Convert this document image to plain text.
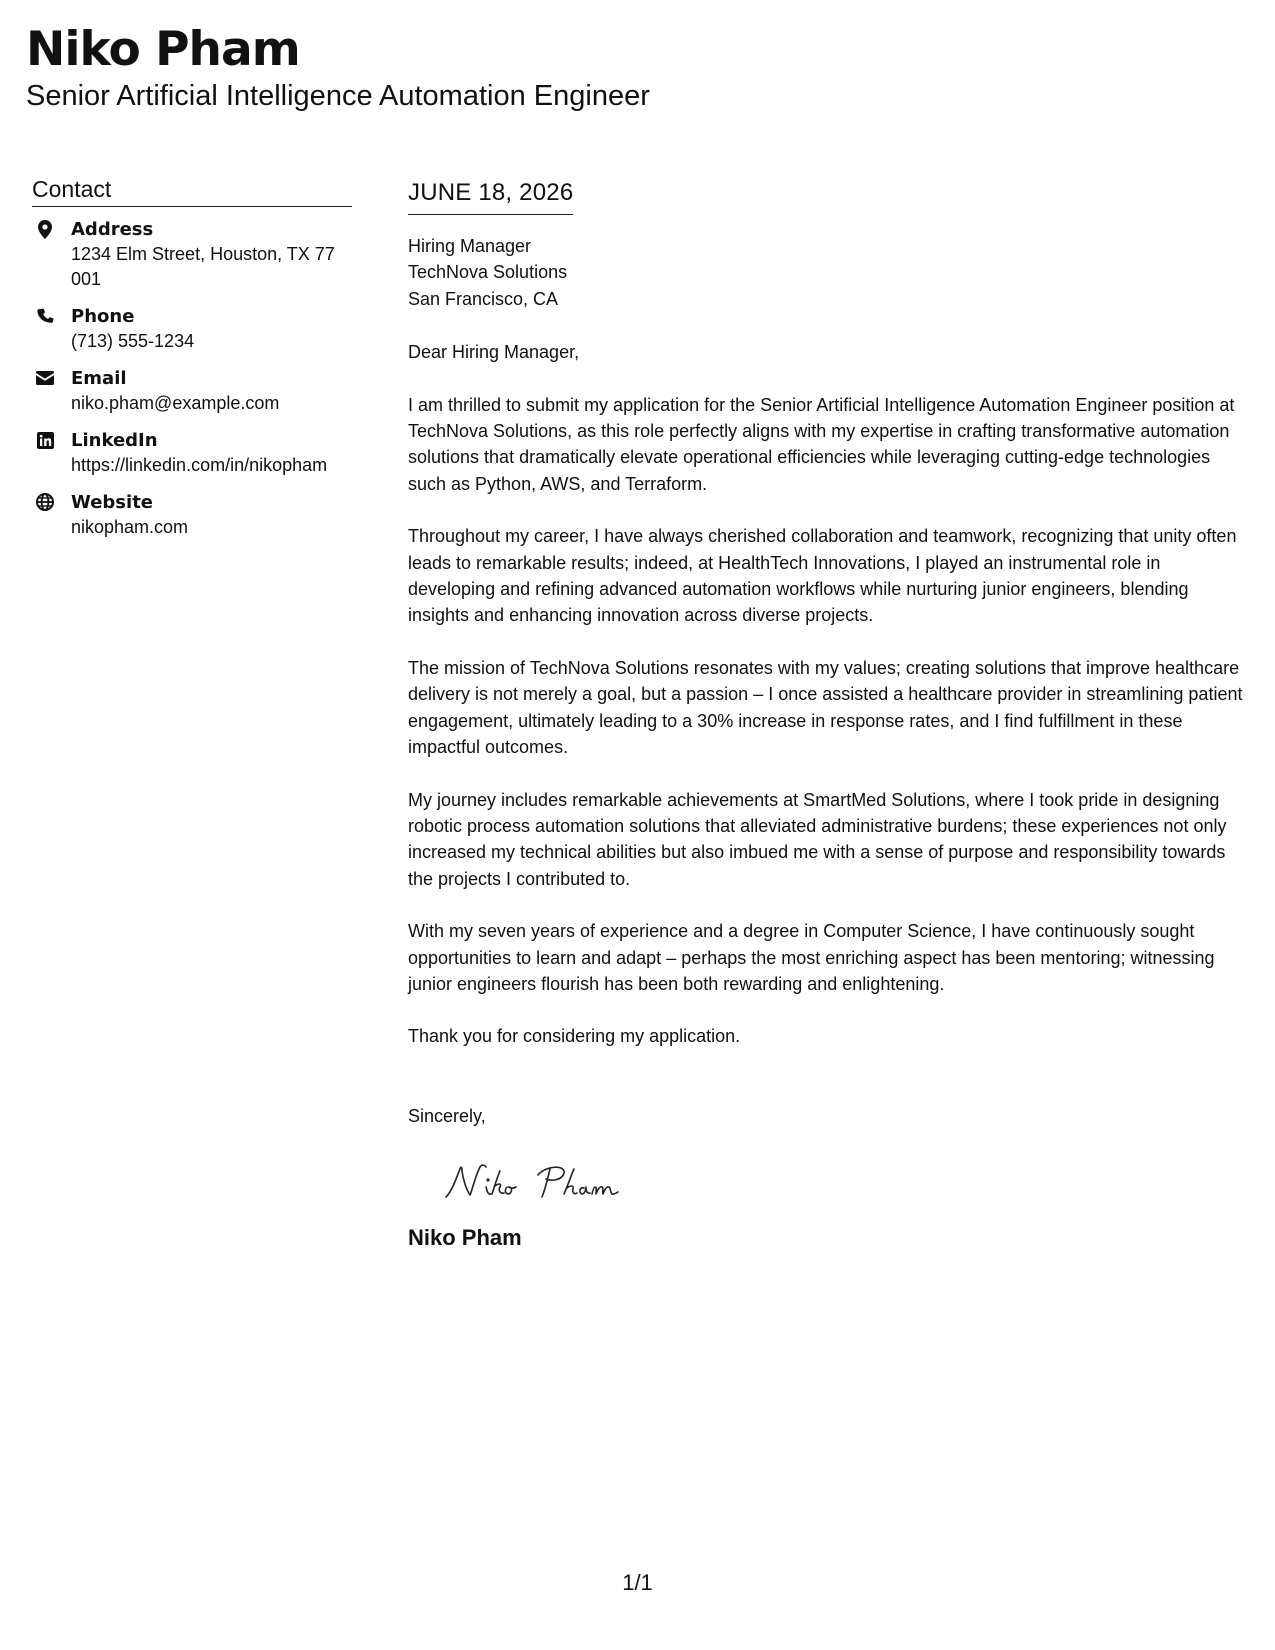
Niko Pham
Senior Artificial Intelligence Automation Engineer
Contact
Address
1234 Elm Street, Houston, TX 77001
Phone
(713) 555-1234
Email
niko.pham@example.com
LinkedIn
https://linkedin.com/in/nikopham
Website
nikopham.com
JUNE 18, 2026
Hiring Manager
TechNova Solutions
San Francisco, CA
Dear Hiring Manager,
I am thrilled to submit my application for the Senior Artificial Intelligence Automation Engineer position at TechNova Solutions, as this role perfectly aligns with my expertise in crafting transformative automation solutions that dramatically elevate operational efficiencies while leveraging cutting-edge technologies such as Python, AWS, and Terraform.
Throughout my career, I have always cherished collaboration and teamwork, recognizing that unity often leads to remarkable results; indeed, at HealthTech Innovations, I played an instrumental role in developing and refining advanced automation workflows while nurturing junior engineers, blending insights and enhancing innovation across diverse projects.
The mission of TechNova Solutions resonates with my values; creating solutions that improve healthcare delivery is not merely a goal, but a passion – I once assisted a healthcare provider in streamlining patient engagement, ultimately leading to a 30% increase in response rates, and I find fulfillment in these impactful outcomes.
My journey includes remarkable achievements at SmartMed Solutions, where I took pride in designing robotic process automation solutions that alleviated administrative burdens; these experiences not only increased my technical abilities but also imbued me with a sense of purpose and responsibility towards the projects I contributed to.
With my seven years of experience and a degree in Computer Science, I have continuously sought opportunities to learn and adapt – perhaps the most enriching aspect has been mentoring; witnessing junior engineers flourish has been both rewarding and enlightening.
Thank you for considering my application.
Sincerely,
Niko Pham
1/1
